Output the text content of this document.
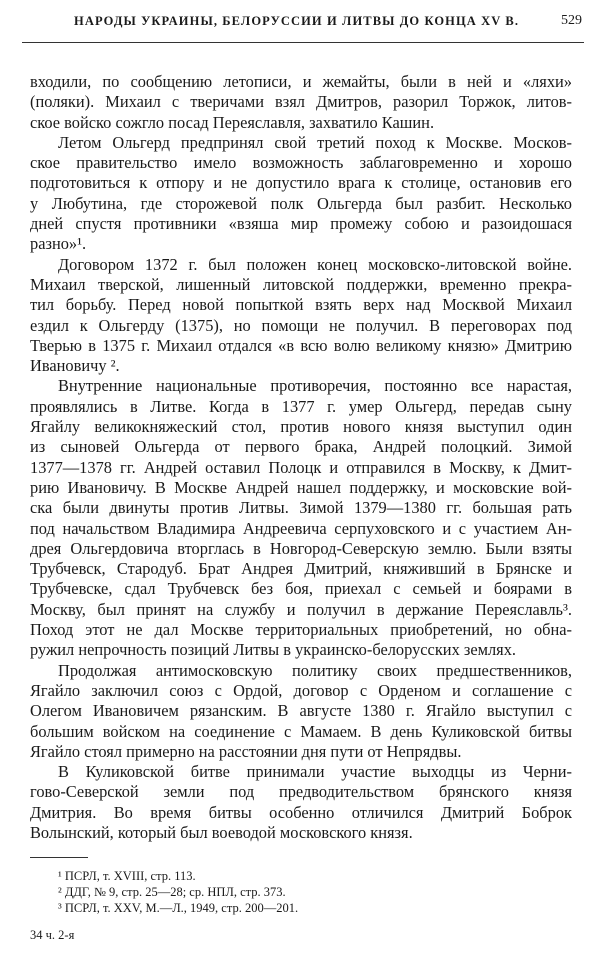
НАРОДЫ УКРАИНЫ, БЕЛОРУССИИ И ЛИТВЫ ДО КОНЦА XV В.	529
входили, по сообщению летописи, и жемайты, были в ней и «ляхи»
(поляки). Михаил с тверичами взял Дмитров, разорил Торжок, литов-
ское войско сожгло посад Переяславля, захватило Кашин.
Летом Ольгерд предпринял свой третий поход к Москве. Москов-
ское правительство имело возможность заблаговременно и хорошо
подготовиться к отпору и не допустило врага к столице, остановив его
у Любутина, где сторожевой полк Ольгерда был разбит. Несколько
дней спустя противники «взяша мир промежу собою и разоидошася
разно»¹.
Договором 1372 г. был положен конец московско-литовской войне.
Михаил тверской, лишенный литовской поддержки, временно прекра-
тил борьбу. Перед новой попыткой взять верх над Москвой Михаил
ездил к Ольгерду (1375), но помощи не получил. В переговорах под
Тверью в 1375 г. Михаил отдался «в всю волю великому князю» Дмитрию
Ивановичу ².
Внутренние национальные противоречия, постоянно все нарастая,
проявлялись в Литве. Когда в 1377 г. умер Ольгерд, передав сыну
Ягайлу великокняжеский стол, против нового князя выступил один
из сыновей Ольгерда от первого брака, Андрей полоцкий. Зимой
1377—1378 гг. Андрей оставил Полоцк и отправился в Москву, к Дмит-
рию Ивановичу. В Москве Андрей нашел поддержку, и московские вой-
ска были двинуты против Литвы. Зимой 1379—1380 гг. большая рать
под начальством Владимира Андреевича серпуховского и с участием Ан-
дрея Ольгердовича вторглась в Новгород-Северскую землю. Были взяты
Трубчевск, Стародуб. Брат Андрея Дмитрий, княживший в Брянске и
Трубчевске, сдал Трубчевск без боя, приехал с семьей и боярами в
Москву, был принят на службу и получил в держание Переяславль³.
Поход этот не дал Москве территориальных приобретений, но обна-
ружил непрочность позиций Литвы в украинско-белорусских землях.
Продолжая антимосковскую политику своих предшественников,
Ягайло заключил союз с Ордой, договор с Орденом и соглашение с
Олегом Ивановичем рязанским. В августе 1380 г. Ягайло выступил с
большим войском на соединение с Мамаем. В день Куликовской битвы
Ягайло стоял примерно на расстоянии дня пути от Непрядвы.
В Куликовской битве принимали участие выходцы из Черни-
гово-Северской земли под предводительством брянского князя
Дмитрия. Во время битвы особенно отличился Дмитрий Боброк
Волынский, который был воеводой московского князя.
¹ ПСРЛ, т. XVIII, стр. 113.
² ДДГ, № 9, стр. 25—28; ср. НПЛ, стр. 373.
³ ПСРЛ, т. XXV, М.—Л., 1949, стр. 200—201.
34 ч. 2-я
